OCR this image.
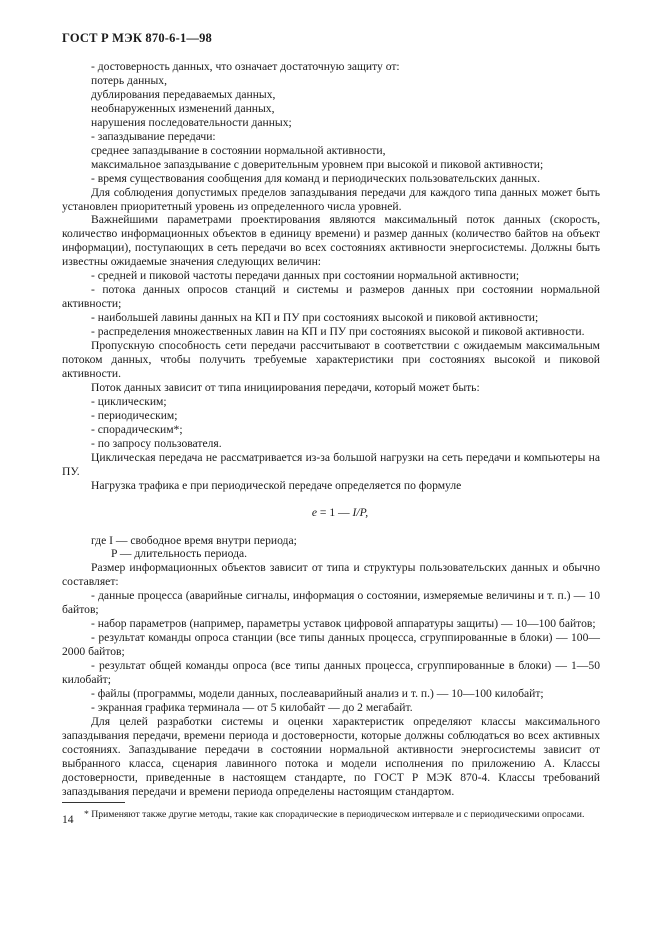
ГОСТ Р МЭК 870-6-1—98

- достоверность данных, что означает достаточную защиту от:

потерь данных,

дублирования передаваемых данных,

необнаруженных изменений данных,

нарушения последовательности данных;

- запаздывание передачи:

среднее запаздывание в состоянии нормальной активности,

максимальное запаздывание с доверительным уровнем при высокой и пиковой активности;

- время существования сообщения для команд и периодических пользовательских данных.

Для соблюдения допустимых пределов запаздывания передачи для каждого типа данных может быть установлен приоритетный уровень из определенного числа уровней.

Важнейшими параметрами проектирования являются максимальный поток данных (скорость, количество информационных объектов в единицу времени) и размер данных (количество байтов на объект информации), поступающих в сеть передачи во всех состояниях активности энергосистемы. Должны быть известны ожидаемые значения следующих величин:

- средней и пиковой частоты передачи данных при состоянии нормальной активности;

- потока данных опросов станций и системы и размеров данных при состоянии нормальной активности;

- наибольшей лавины данных на КП и ПУ при состояниях высокой и пиковой активности;

- распределения множественных лавин на КП и ПУ при состояниях высокой и пиковой активности.

Пропускную способность сети передачи рассчитывают в соответствии с ожидаемым максимальным потоком данных, чтобы получить требуемые характеристики при состояниях высокой и пиковой активности.

Поток данных зависит от типа инициирования передачи, который может быть:

- циклическим;

- периодическим;

- спорадическим*;

- по запросу пользователя.

Циклическая передача не рассматривается из-за большой нагрузки на сеть передачи и компьютеры на ПУ.

Нагрузка трафика e при периодической передаче определяется по формуле

e = 1 — I/P,

где I — свободное время внутри периода;

P — длительность периода.

Размер информационных объектов зависит от типа и структуры пользовательских данных и обычно составляет:

- данные процесса (аварийные сигналы, информация о состоянии, измеряемые величины и т. п.) — 10 байтов;

- набор параметров (например, параметры уставок цифровой аппаратуры защиты) — 10—100 байтов;

- результат команды опроса станции (все типы данных процесса, сгруппированные в блоки) — 100—2000 байтов;

- результат общей команды опроса (все типы данных процесса, сгруппированные в блоки) — 1—50 килобайт;

- файлы (программы, модели данных, послеаварийный анализ и т. п.) — 10—100 килобайт;

- экранная графика терминала — от 5 килобайт — до 2 мегабайт.

Для целей разработки системы и оценки характеристик определяют классы максимального запаздывания передачи, времени периода и достоверности, которые должны соблюдаться во всех активных состояниях. Запаздывание передачи в состоянии нормальной активности энергосистемы зависит от выбранного класса, сценария лавинного потока и модели исполнения по приложению А. Классы достоверности, приведенные в настоящем стандарте, по ГОСТ Р МЭК 870-4. Классы требований запаздывания передачи и времени периода определены настоящим стандартом.

* Применяют также другие методы, такие как спорадические в периодическом интервале и с периодическими опросами.

14
